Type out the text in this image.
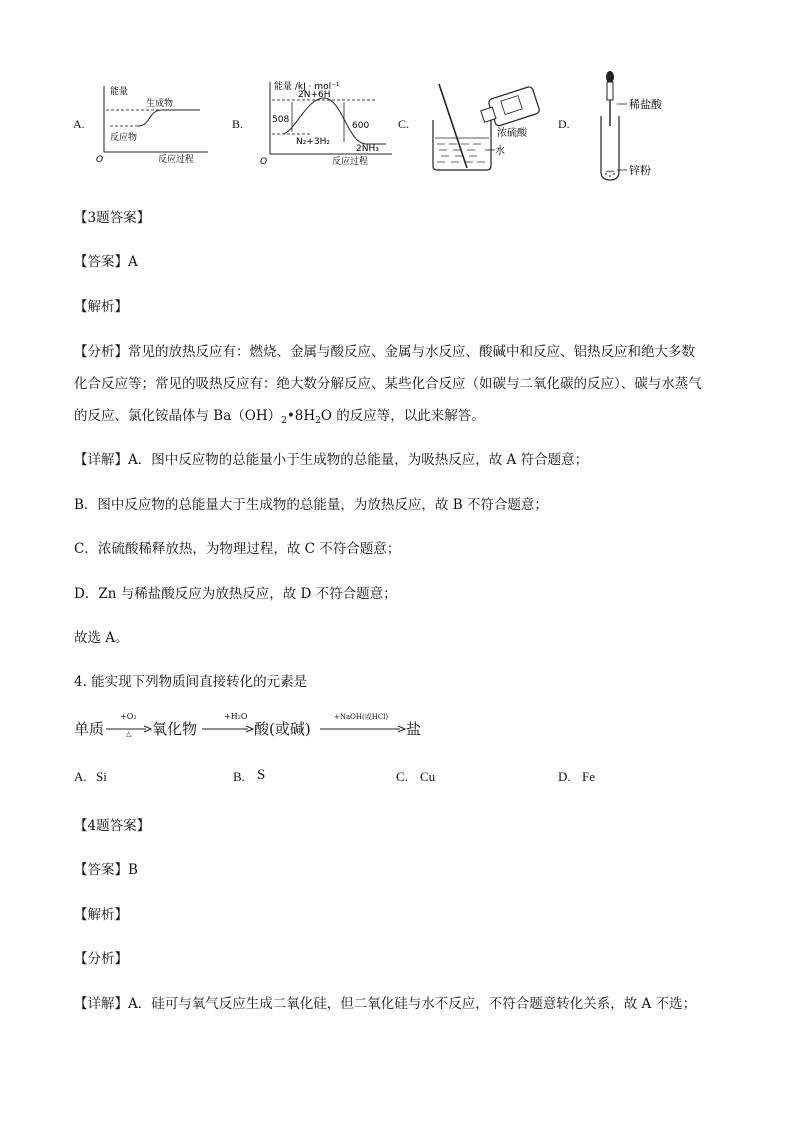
A.
能量
生成物
反应物
O	反应过程
B.
能量 /kJ · mol⁻¹
2N+6H
508
600
N₂+3H₂
2NH₃
O	反应过程
C.
浓硫酸
水
D.
稀盐酸
锌粉
【3题答案】
【答案】A
【解析】
【分析】常见的放热反应有：燃烧、金属与酸反应、金属与水反应、酸碱中和反应、铝热反应和绝大多数
化合反应等；常见的吸热反应有：绝大数分解反应、某些化合反应（如碳与二氧化碳的反应）、碳与水蒸气
的反应、氯化铵晶体与 $Ba(OH)_2•8H_2O$ 的反应等，以此来解答。
【详解】A．图中反应物的总能量小于生成物的总能量，为吸热反应，故 A 符合题意；
B．图中反应物的总能量大于生成物的总能量，为放热反应，故 B 不符合题意；
C．浓硫酸稀释放热，为物理过程，故 C 不符合题意；
D．Zn 与稀盐酸反应为放热反应，故 D 不符合题意；
故选 A。
4. 能实现下列物质间直接转化的元素是
单质
+O₂
△ 氧化物
+H₂O
酸(或碱)
+NaOH(或HCl)
盐
A. Si	B. S	C. Cu	D. Fe
【4题答案】
【答案】B
【解析】
【分析】
【详解】A．硅可与氧气反应生成二氧化硅，但二氧化硅与水不反应，不符合题意转化关系，故 A 不选；
